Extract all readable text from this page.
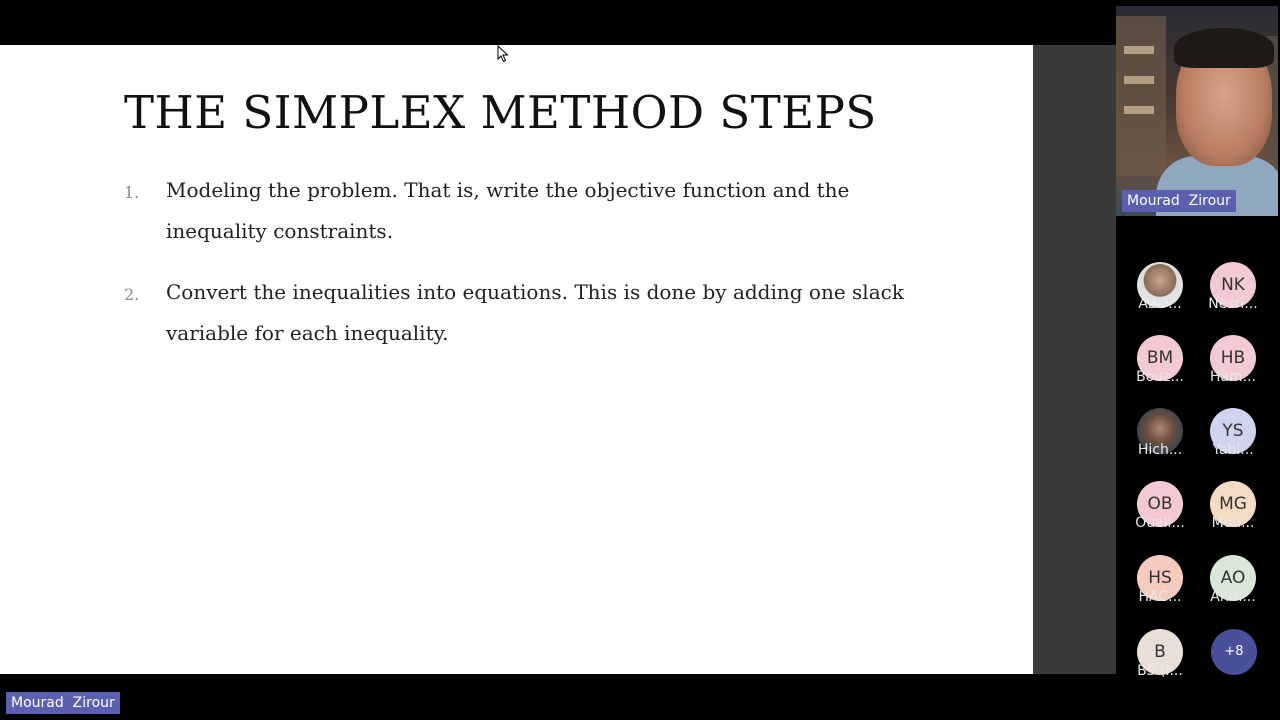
THE SIMPLEX METHOD STEPS
1. Modeling the problem. That is, write the objective function and the inequality constraints.
2. Convert the inequalities into equations. This is done by adding one slack variable for each inequality.
Mourad  Zirour
ABD...
NK
Nesri...
BM
Bouz...
HB
Ham...
Hich...
YS
Yahi...
OB
Ouali...
MG
Mou...
HS
HAC...
AO
Ahm...
B
BS (I...
+8
Mourad  Zirour
